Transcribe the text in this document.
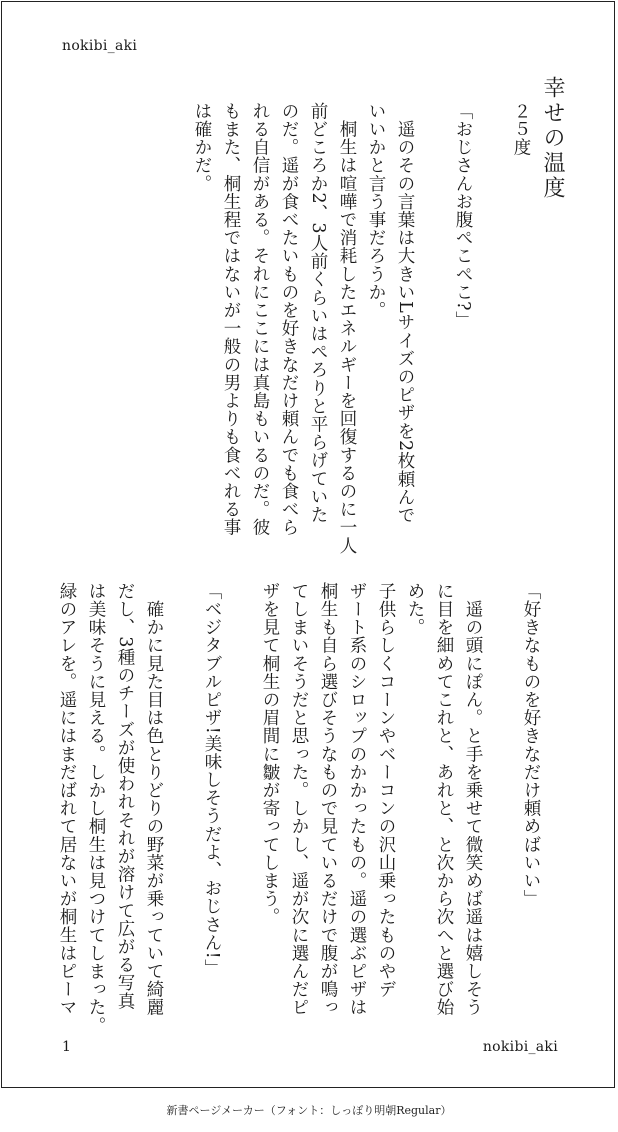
nokibi_aki
幸せの温度
２５度

「おじさんお腹ぺこぺこ?」

　遥のその言葉は大きいLサイズのピザを2枚頼んで
いいかと言う事だろうか。
　桐生は喧嘩で消耗したエネルギーを回復するのに一人
前どころか2、3人前くらいはぺろりと平らげていた
のだ。遥が食べたいものを好きなだけ頼んでも食べら
れる自信がある。それにここには真島もいるのだ。彼
もまた、桐生程ではないが一般の男よりも食べれる事
は確かだ。
「好きなものを好きなだけ頼めばいい」

　遥の頭にぽん。と手を乗せて微笑めば遥は嬉しそう
に目を細めてこれと、あれと、と次から次へと選び始
めた。
子供らしくコーンやベーコンの沢山乗ったものやデ
ザート系のシロップのかかったもの。遥の選ぶピザは
桐生も自ら選びそうなもので見ているだけで腹が鳴っ
てしまいそうだと思った。しかし、遥が次に選んだピ
ザを見て桐生の眉間に皺が寄ってしまう。

「ベジタブルピザ!美味しそうだよ、おじさん!」

　確かに見た目は色とりどりの野菜が乗っていて綺麗
だし、3種のチーズが使われそれが溶けて広がる写真
は美味そうに見える。しかし桐生は見つけてしまった。
緑のアレを。遥にはまだばれて居ないが桐生はピーマ
1	nokibi_aki
新書ページメーカー（フォント：しっぽり明朝Regular）
